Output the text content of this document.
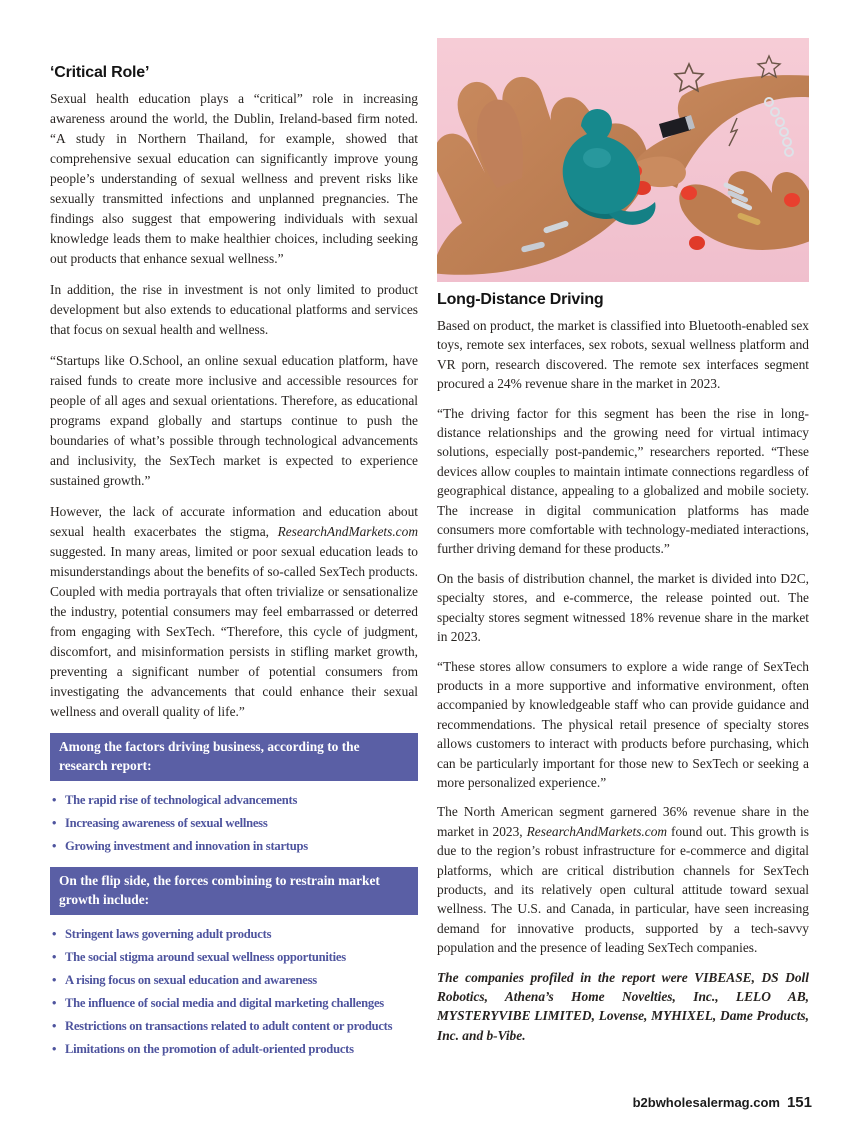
‘Critical Role’

Sexual health education plays a “critical” role in increasing awareness around the world, the Dublin, Ireland-based firm noted. “A study in Northern Thailand, for example, showed that comprehensive sexual education can significantly improve young people’s understanding of sexual wellness and prevent risks like sexually transmitted infections and unplanned pregnancies. The findings also suggest that empowering individuals with sexual knowledge leads them to make healthier choices, including seeking out products that enhance sexual wellness.”

In addition, the rise in investment is not only limited to product development but also extends to educational platforms and services that focus on sexual health and wellness.

“Startups like O.School, an online sexual education platform, have raised funds to create more inclusive and accessible resources for people of all ages and sexual orientations. Therefore, as educational programs expand globally and startups continue to push the boundaries of what’s possible through technological advancements and inclusivity, the SexTech market is expected to experience sustained growth.”

However, the lack of accurate information and education about sexual health exacerbates the stigma, ResearchAndMarkets.com suggested. In many areas, limited or poor sexual education leads to misunderstandings about the benefits of so-called SexTech products. Coupled with media portrayals that often trivialize or sensationalize the industry, potential consumers may feel embarrassed or deterred from engaging with SexTech. “Therefore, this cycle of judgment, discomfort, and misinformation persists in stifling market growth, preventing a significant number of potential consumers from investigating the advancements that could enhance their sexual wellness and overall quality of life.”

Among the factors driving business, according to the research report:
• The rapid rise of technological advancements
• Increasing awareness of sexual wellness
• Growing investment and innovation in startups
On the flip side, the forces combining to restrain market growth include:
• Stringent laws governing adult products
• The social stigma around sexual wellness opportunities
• A rising focus on sexual education and awareness
• The influence of social media and digital marketing challenges
• Restrictions on transactions related to adult content or products
• Limitations on the promotion of adult-oriented products
Long-Distance Driving

Based on product, the market is classified into Bluetooth-enabled sex toys, remote sex interfaces, sex robots, sexual wellness platform and VR porn, research discovered. The remote sex interfaces segment procured a 24% revenue share in the market in 2023.

“The driving factor for this segment has been the rise in long-distance relationships and the growing need for virtual intimacy solutions, especially post-pandemic,” researchers reported. “These devices allow couples to maintain intimate connections regardless of geographical distance, appealing to a globalized and mobile society. The increase in digital communication platforms has made consumers more comfortable with technology-mediated interactions, further driving demand for these products.”

On the basis of distribution channel, the market is divided into D2C, specialty stores, and e-commerce, the release pointed out. The specialty stores segment witnessed 18% revenue share in the market in 2023.

“These stores allow consumers to explore a wide range of SexTech products in a more supportive and informative environment, often accompanied by knowledgeable staff who can provide guidance and recommendations. The physical retail presence of specialty stores allows customers to interact with products before purchasing, which can be particularly important for those new to SexTech or seeking a more personalized experience.”

The North American segment garnered 36% revenue share in the market in 2023, ResearchAndMarkets.com found out. This growth is due to the region’s robust infrastructure for e-commerce and digital platforms, which are critical distribution channels for SexTech products, and its relatively open cultural attitude toward sexual wellness. The U.S. and Canada, in particular, have seen increasing demand for innovative products, supported by a tech-savvy population and the presence of leading SexTech companies.

The companies profiled in the report were VIBEASE, DS Doll Robotics, Athena’s Home Novelties, Inc., LELO AB, MYSTERYVIBE LIMITED, Lovense, MYHIXEL, Dame Products, Inc. and b-Vibe.

b2bwholesalermag.com 151
